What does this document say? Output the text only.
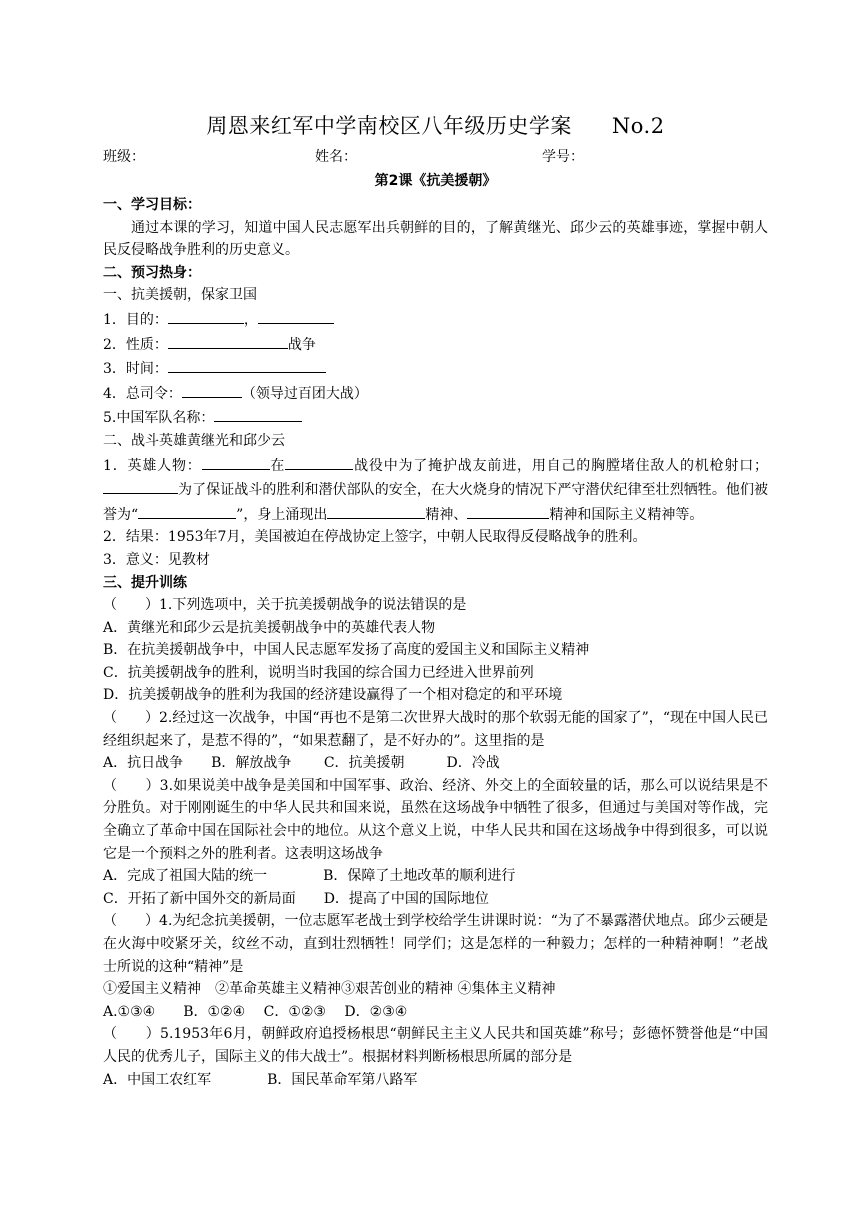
周恩来红军中学南校区八年级历史学案 No.2
班级：	姓名：	学号：
第2课《抗美援朝》
一、学习目标：
通过本课的学习，知道中国人民志愿军出兵朝鲜的目的，了解黄继光、邱少云的英雄事迹，掌握中朝人民反侵略战争胜利的历史意义。
二、预习热身：
一、抗美援朝，保家卫国
1．目的：	，
2．性质：	战争
3．时间：
4．总司令：	（领导过百团大战）
5.中国军队名称：
二、战斗英雄黄继光和邱少云
1．英雄人物：	在	战役中为了掩护战友前进，用自己的胸膛堵住敌人的机枪射口；为了保证战斗的胜利和潜伏部队的安全，在大火烧身的情况下严守潜伏纪律至壮烈牺牲。他们被誉为“	”，身上涌现出	精神、	精神和国际主义精神等。
2．结果：1953年7月，美国被迫在停战协定上签字，中朝人民取得反侵略战争的胜利。
3．意义：见教材
三、提升训练
（　　）1.下列选项中，关于抗美援朝战争的说法错误的是
A．黄继光和邱少云是抗美援朝战争中的英雄代表人物
B．在抗美援朝战争中，中国人民志愿军发扬了高度的爱国主义和国际主义精神
C．抗美援朝战争的胜利，说明当时我国的综合国力已经进入世界前列
D．抗美援朝战争的胜利为我国的经济建设赢得了一个相对稳定的和平环境
（　　）2.经过这一次战争，中国“再也不是第二次世界大战时的那个软弱无能的国家了”，“现在中国人民已经组织起来了，是惹不得的”，“如果惹翻了，是不好办的”。这里指的是
A．抗日战争　　B．解放战争　　 C．抗美援朝　　　D．冷战
（　　）3.如果说美中战争是美国和中国军事、政治、经济、外交上的全面较量的话，那么可以说结果是不分胜负。对于刚刚诞生的中华人民共和国来说，虽然在这场战争中牺牲了很多，但通过与美国对等作战，完全确立了革命中国在国际社会中的地位。从这个意义上说，中华人民共和国在这场战争中得到很多，可以说它是一个预料之外的胜利者。这表明这场战争
A．完成了祖国大陆的统一　　　　B．保障了土地改革的顺利进行
C．开拓了新中国外交的新局面　　D．提高了中国的国际地位
（　　）4.为纪念抗美援朝，一位志愿军老战士到学校给学生讲课时说：“为了不暴露潜伏地点。邱少云硬是在火海中咬紧牙关，纹丝不动，直到壮烈牺牲！同学们；这是怎样的一种毅力；怎样的一种精神啊！”老战士所说的这种“精神”是
①爱国主义精神　②革命英雄主义精神③艰苦创业的精神 ④集体主义精神
A.①③④　　B．①②④　 C．①②③　 D．②③④
（　　）5.1953年6月，朝鲜政府追授杨根思“朝鲜民主主义人民共和国英雄”称号；彭德怀赞誉他是“中国人民的优秀儿子，国际主义的伟大战士”。根据材料判断杨根思所属的部分是
A．中国工农红军　　　　B．国民革命军第八路军
